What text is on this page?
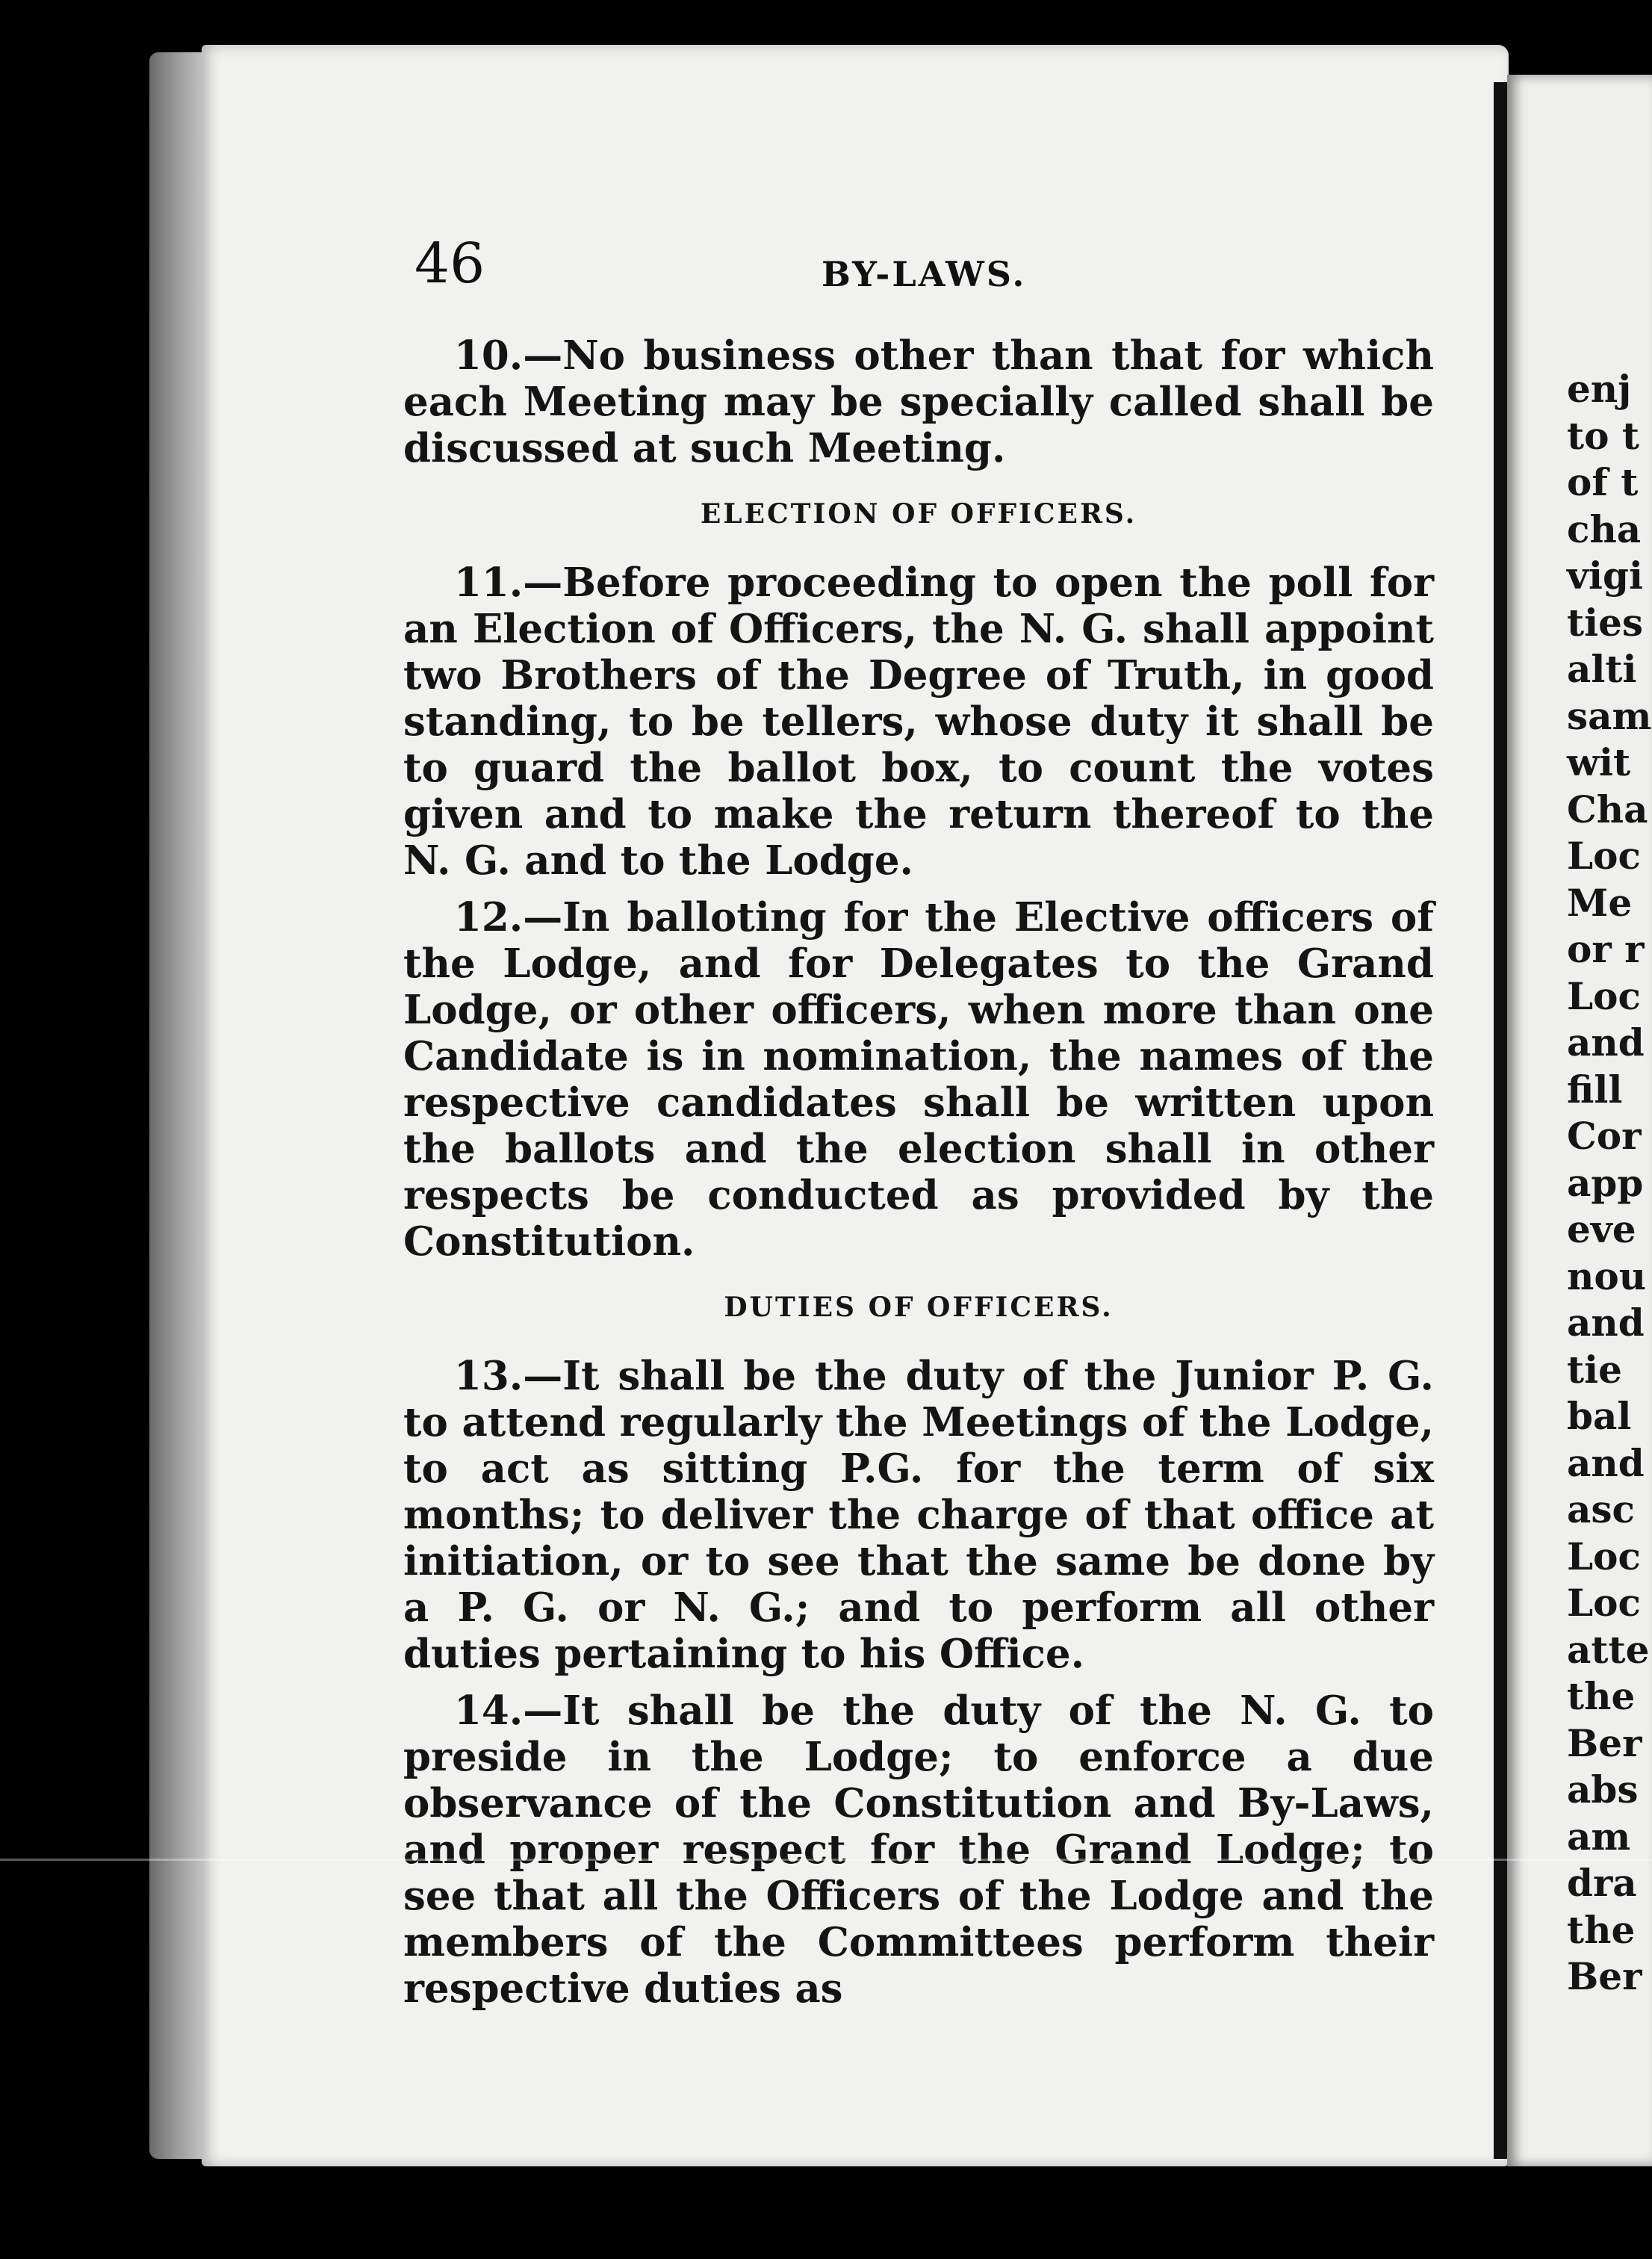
46	BY-LAWS.

10.—No business other than that for which each Meeting may be specially called shall be discussed at such Meeting.

ELECTION OF OFFICERS.

11.—Before proceeding to open the poll for an Election of Officers, the N. G. shall appoint two Brothers of the Degree of Truth, in good standing, to be tellers, whose duty it shall be to guard the ballot box, to count the votes given and to make the return thereof to the N. G. and to the Lodge.

12.—In balloting for the Elective officers of the Lodge, and for Delegates to the Grand Lodge, or other officers, when more than one Candidate is in nomination, the names of the respective candidates shall be written upon the ballots and the election shall in other respects be conducted as provided by the Constitution.

DUTIES OF OFFICERS.

13.—It shall be the duty of the Junior P. G. to attend regularly the Meetings of the Lodge, to act as sitting P.G. for the term of six months; to deliver the charge of that office at initiation, or to see that the same be done by a P. G. or N. G.; and to perform all other duties pertaining to his Office.

14.—It shall be the duty of the N. G. to preside in the Lodge; to enforce a due observance of the Constitution and By-Laws, and proper respect for the Grand Lodge; to see that all the Officers of the Lodge and the members of the Committees perform their respective duties as

enj
to t
of t
cha
vigi
ties
alti
sam
wit
Cha
Loc
Me
or r
Loc
and
fill
Cor
app
eve
nou
and
tie
bal
and
asc
Loc
Loc
atte
the
Ber
abs
am
dra
the
Ber
